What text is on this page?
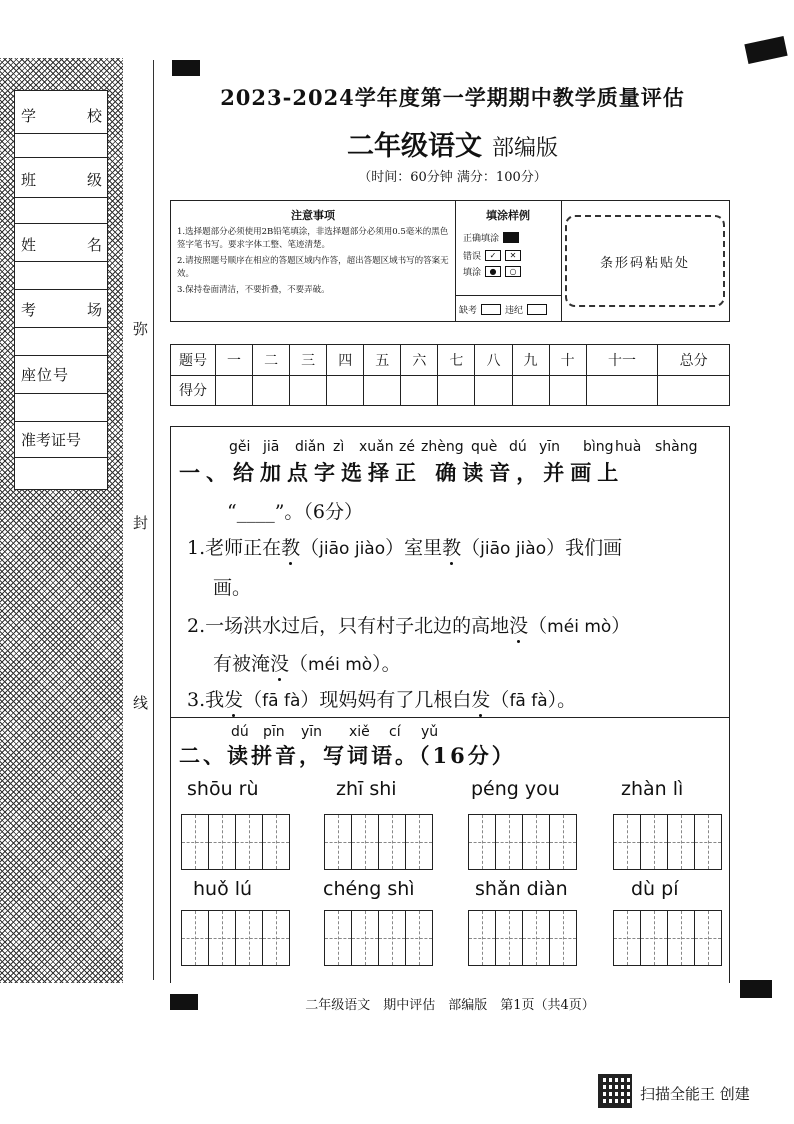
学	校
班	级
姓	名
考	场
座位号
准考证号
弥
封
线
2023-2024学年度第一学期期中教学质量评估
二年级语文 部编版
（时间：60分钟 满分：100分）
注意事项

1.选择题部分必须使用2B铅笔填涂，非选择题部分必须用0.5毫米的黑色签字笔书写。要求字体工整、笔迹清楚。

2.请按照题号顺序在相应的答题区域内作答，超出答题区域书写的答案无效。

3.保持卷面清洁，不要折叠，不要弄破。

填涂样例
正确填涂
错误	✓	✕
填涂	●	○
缺考	违纪
条形码粘贴处
题号	一	二	三	四	五	六	七	八	九	十	十一	总分
得分												
gěi jiā diǎn zì xuǎn zé zhèng què dú yīn bìng huà shàng
一、给加点字选择正 确读音，并画上
“____”。（6分）
1.老师正在教（jiāo jiào）室里教（jiāo jiào）我们画
画。
2.一场洪水过后，只有村子北边的高地没（méi mò）
有被淹没（méi mò）。
3.我发（fā fà）现妈妈有了几根白发（fā fà）。
dú pīn yīn xiě cí yǔ
二、读拼音，写词语。（16分）
shōu rù	zhī shi	péng you	zhàn lì
huǒ lú	chéng shì	shǎn diàn	dù pí
二年级语文　期中评估　部编版　第1页（共4页）
扫描全能王 创建
